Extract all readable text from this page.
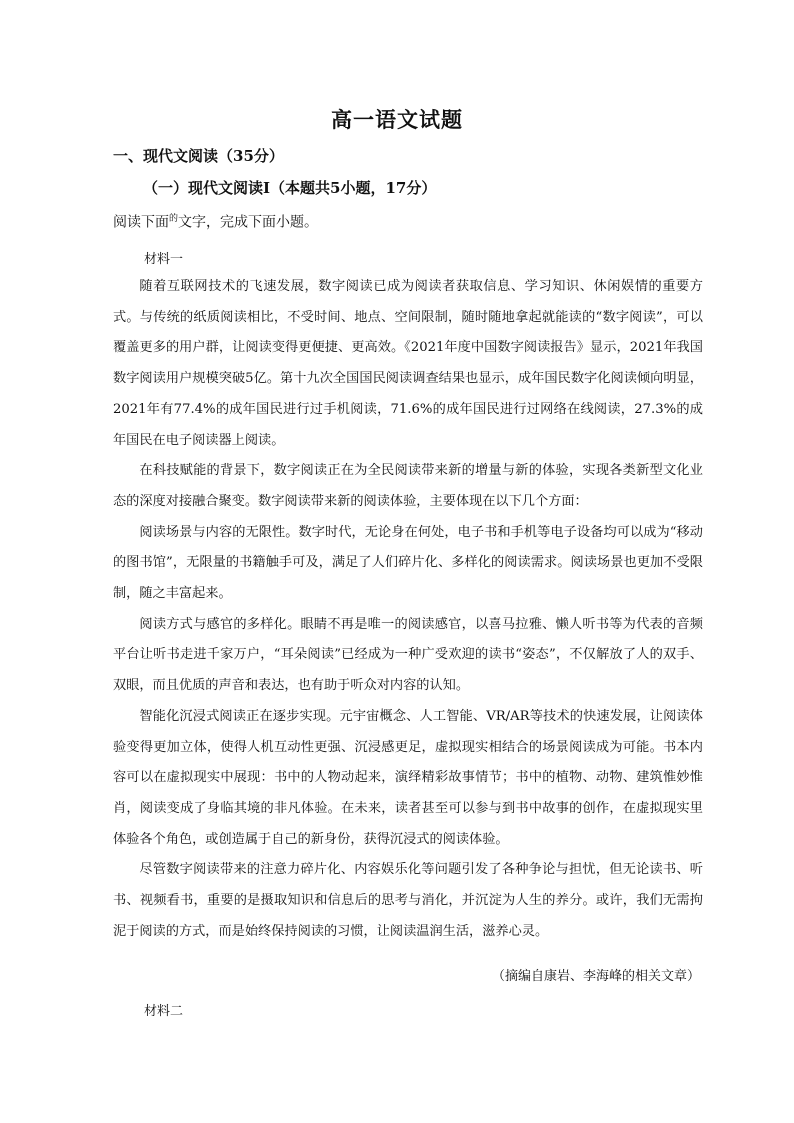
高一语文试题
一、现代文阅读（35分）
（一）现代文阅读Ⅰ（本题共5小题，17分）
阅读下面$^的$文字，完成下面小题。
材料一

随着互联网技术的飞速发展，数字阅读已成为阅读者获取信息、学习知识、休闲娱情的重要方式。与传统的纸质阅读相比，不受时间、地点、空间限制，随时随地拿起就能读的“数字阅读”，可以覆盖更多的用户群，让阅读变得更便捷、更高效。《2021年度中国数字阅读报告》显示，2021年我国数字阅读用户规模突破5亿。第十九次全国国民阅读调查结果也显示，成年国民数字化阅读倾向明显，2021年有77.4%的成年国民进行过手机阅读，71.6%的成年国民进行过网络在线阅读，27.3%的成年国民在电子阅读器上阅读。

在科技赋能的背景下，数字阅读正在为全民阅读带来新的增量与新的体验，实现各类新型文化业态的深度对接融合聚变。数字阅读带来新的阅读体验，主要体现在以下几个方面：

阅读场景与内容的无限性。数字时代，无论身在何处，电子书和手机等电子设备均可以成为“移动的图书馆”，无限量的书籍触手可及，满足了人们碎片化、多样化的阅读需求。阅读场景也更加不受限制，随之丰富起来。

阅读方式与感官的多样化。眼睛不再是唯一的阅读感官，以喜马拉雅、懒人听书等为代表的音频平台让听书走进千家万户，“耳朵阅读”已经成为一种广受欢迎的读书“姿态”，不仅解放了人的双手、双眼，而且优质的声音和表达，也有助于听众对内容的认知。

智能化沉浸式阅读正在逐步实现。元宇宙概念、人工智能、VR/AR等技术的快速发展，让阅读体验变得更加立体，使得人机互动性更强、沉浸感更足，虚拟现实相结合的场景阅读成为可能。书本内容可以在虚拟现实中展现：书中的人物动起来，演绎精彩故事情节；书中的植物、动物、建筑惟妙惟肖，阅读变成了身临其境的非凡体验。在未来，读者甚至可以参与到书中故事的创作，在虚拟现实里体验各个角色，或创造属于自己的新身份，获得沉浸式的阅读体验。

尽管数字阅读带来的注意力碎片化、内容娱乐化等问题引发了各种争论与担忧，但无论读书、听书、视频看书，重要的是摄取知识和信息后的思考与消化，并沉淀为人生的养分。或许，我们无需拘泥于阅读的方式，而是始终保持阅读的习惯，让阅读温润生活，滋养心灵。

（摘编自康岩、李海峰的相关文章）
材料二
